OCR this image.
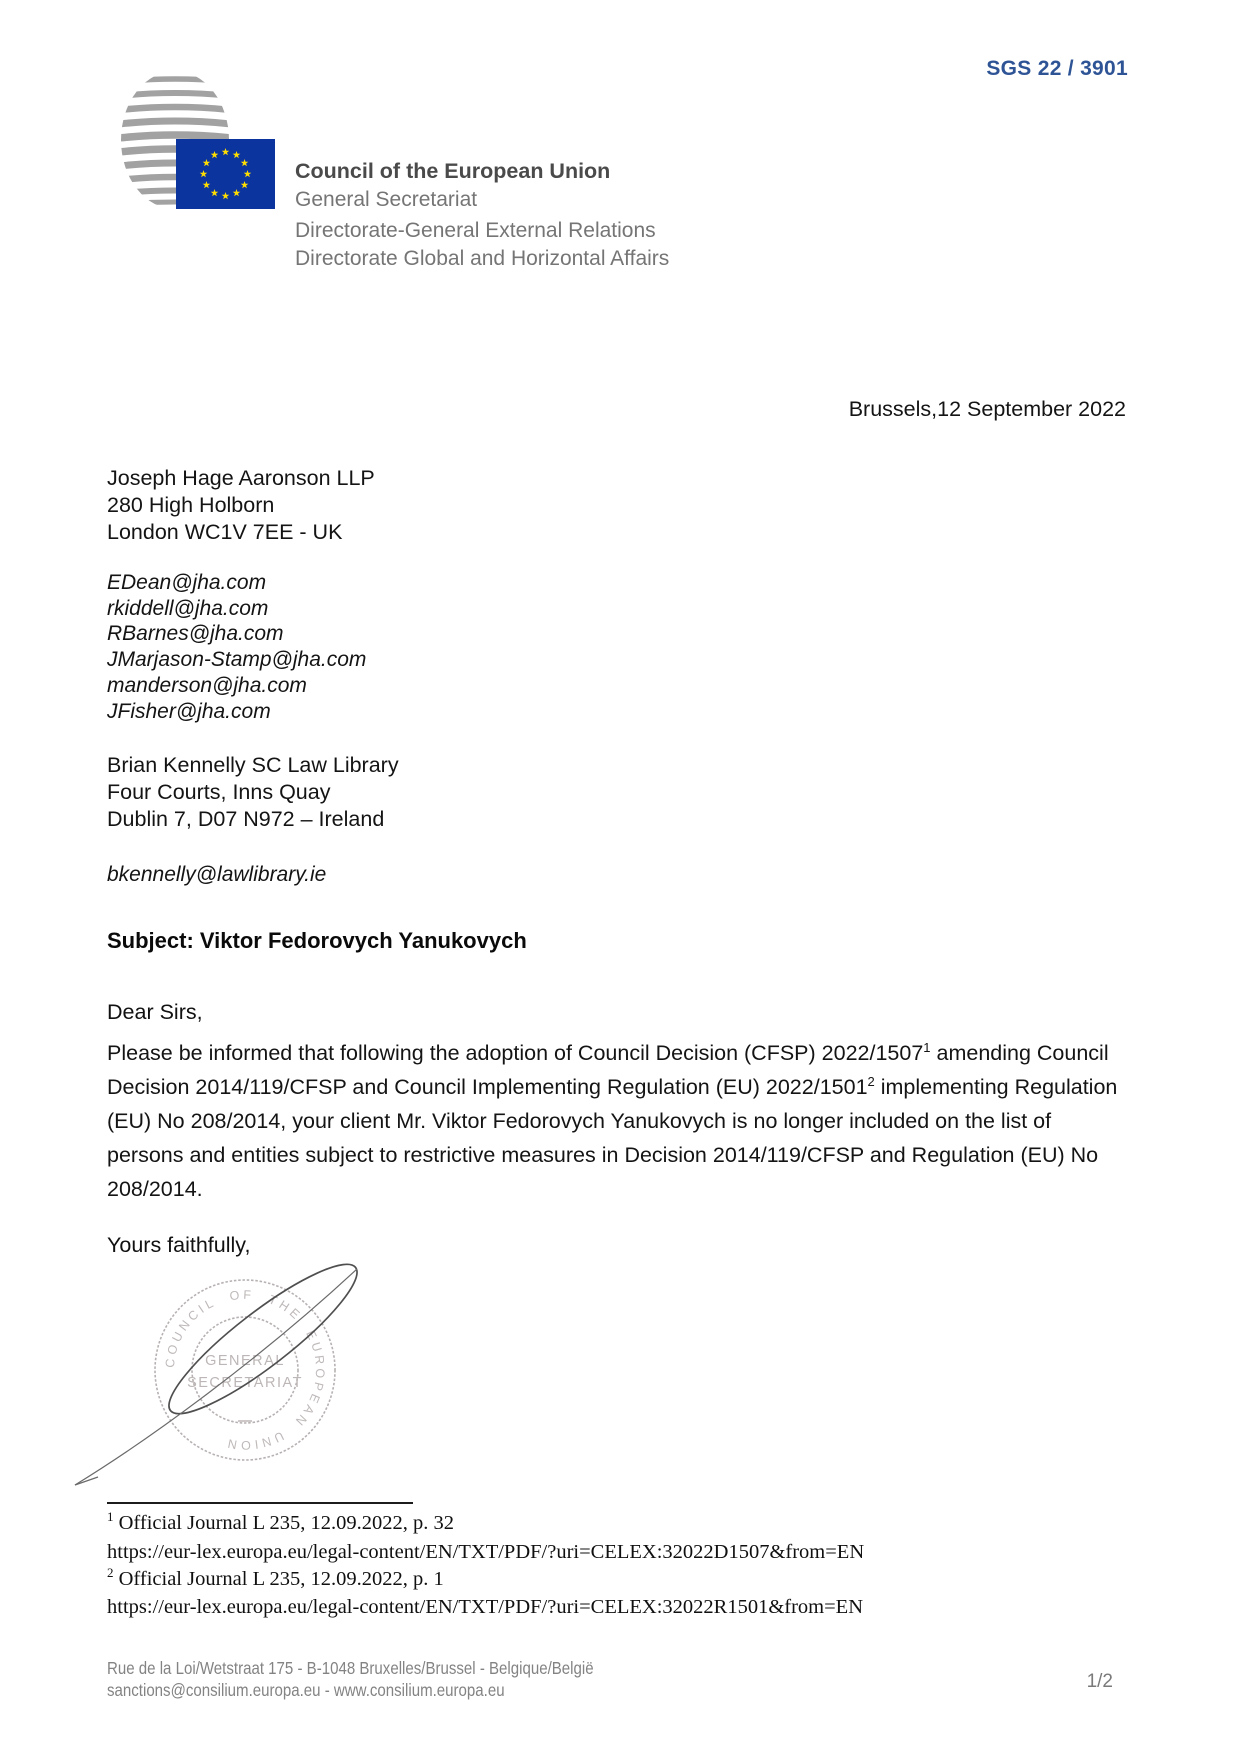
SGS 22 / 3901
Council of the European Union
General Secretariat
Directorate-General External Relations
Directorate Global and Horizontal Affairs
Brussels,12 September 2022
Joseph Hage Aaronson LLP
280 High Holborn
London WC1V 7EE - UK
EDean@jha.com
rkiddell@jha.com
RBarnes@jha.com
JMarjason-Stamp@jha.com
manderson@jha.com
JFisher@jha.com
Brian Kennelly SC Law Library
Four Courts, Inns Quay
Dublin 7, D07 N972 – Ireland
bkennelly@lawlibrary.ie
Subject: Viktor Fedorovych Yanukovych
Dear Sirs,
Please be informed that following the adoption of Council Decision (CFSP) 2022/1507$^1$ amending Council Decision 2014/119/CFSP and Council Implementing Regulation (EU) 2022/1501$^2$ implementing Regulation (EU) No 208/2014, your client Mr. Viktor Fedorovych Yanukovych is no longer included on the list of persons and entities subject to restrictive measures in Decision 2014/119/CFSP and Regulation (EU) No 208/2014.
Yours faithfully,
COUNCIL OF THE EUROPEAN UNION
GENERAL
SECRETARIAT
$^1$ Official Journal L 235, 12.09.2022, p. 32
https://eur-lex.europa.eu/legal-content/EN/TXT/PDF/?uri=CELEX:32022D1507&from=EN
$^2$ Official Journal L 235, 12.09.2022, p. 1
https://eur-lex.europa.eu/legal-content/EN/TXT/PDF/?uri=CELEX:32022R1501&from=EN
Rue de la Loi/Wetstraat 175 - B-1048 Bruxelles/Brussel - Belgique/België
sanctions@consilium.europa.eu - www.consilium.europa.eu	1/2
